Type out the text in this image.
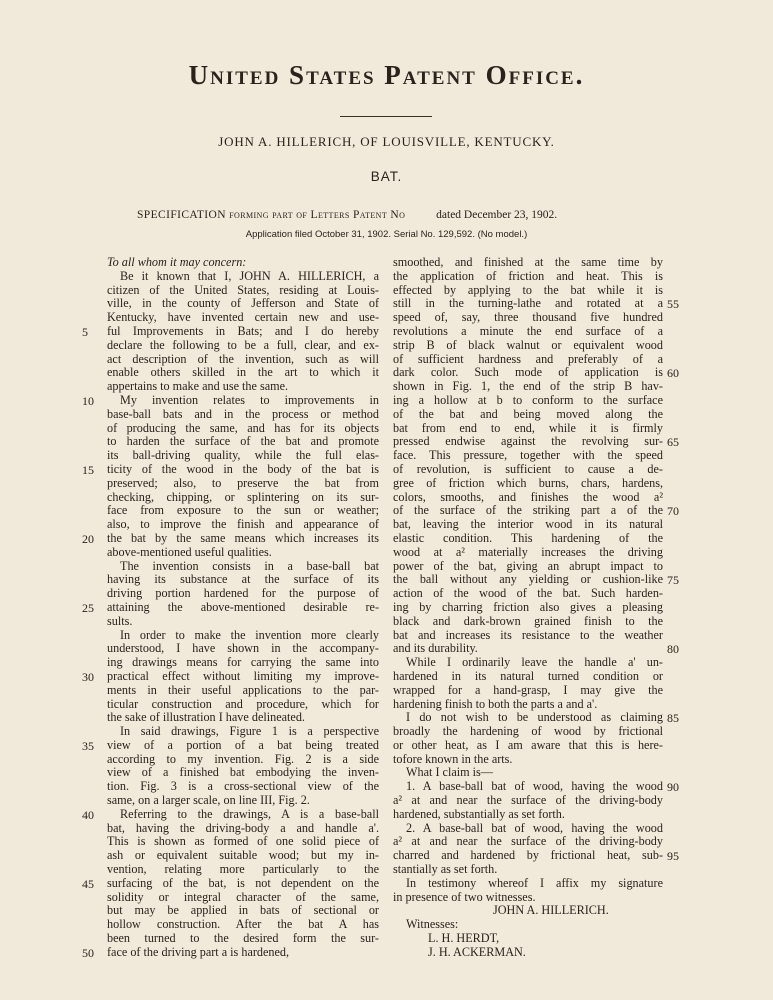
United States Patent Office.
JOHN A. HILLERICH, OF LOUISVILLE, KENTUCKY.
BAT.
SPECIFICATION forming part of Letters Patent No	dated December 23, 1902.
Application filed October 31, 1902. Serial No. 129,592. (No model.)
To all whom it may concern:
Be it known that I, JOHN A. HILLERICH, a
citizen of the United States, residing at Louis-
ville, in the county of Jefferson and State of
Kentucky, have invented certain new and use-
ful Improvements in Bats; and I do hereby
declare the following to be a full, clear, and ex-
act description of the invention, such as will
enable others skilled in the art to which it
appertains to make and use the same.
My invention relates to improvements in
base-ball bats and in the process or method
of producing the same, and has for its objects
to harden the surface of the bat and promote
its ball-driving quality, while the full elas-
ticity of the wood in the body of the bat is
preserved; also, to preserve the bat from
checking, chipping, or splintering on its sur-
face from exposure to the sun or weather;
also, to improve the finish and appearance of
the bat by the same means which increases its
above-mentioned useful qualities.
The invention consists in a base-ball bat
having its substance at the surface of its
driving portion hardened for the purpose of
attaining the above-mentioned desirable re-
sults.
In order to make the invention more clearly
understood, I have shown in the accompany-
ing drawings means for carrying the same into
practical effect without limiting my improve-
ments in their useful applications to the par-
ticular construction and procedure, which for
the sake of illustration I have delineated.
In said drawings, Figure 1 is a perspective
view of a portion of a bat being treated
according to my invention. Fig. 2 is a side
view of a finished bat embodying the inven-
tion. Fig. 3 is a cross-sectional view of the
same, on a larger scale, on line III, Fig. 2.
Referring to the drawings, A is a base-ball
bat, having the driving-body a and handle a'.
This is shown as formed of one solid piece of
ash or equivalent suitable wood; but my in-
vention, relating more particularly to the
surfacing of the bat, is not dependent on the
solidity or integral character of the same,
but may be applied in bats of sectional or
hollow construction. After the bat A has
been turned to the desired form the sur-
face of the driving part a is hardened,
smoothed, and finished at the same time by
the application of friction and heat. This is
effected by applying to the bat while it is
still in the turning-lathe and rotated at a
speed of, say, three thousand five hundred
revolutions a minute the end surface of a
strip B of black walnut or equivalent wood
of sufficient hardness and preferably of a
dark color. Such mode of application is
shown in Fig. 1, the end of the strip B hav-
ing a hollow at b to conform to the surface
of the bat and being moved along the
bat from end to end, while it is firmly
pressed endwise against the revolving sur-
face. This pressure, together with the speed
of revolution, is sufficient to cause a de-
gree of friction which burns, chars, hardens,
colors, smooths, and finishes the wood a²
of the surface of the striking part a of the
bat, leaving the interior wood in its natural
elastic condition. This hardening of the
wood at a² materially increases the driving
power of the bat, giving an abrupt impact to
the ball without any yielding or cushion-like
action of the wood of the bat. Such harden-
ing by charring friction also gives a pleasing
black and dark-brown grained finish to the
bat and increases its resistance to the weather
and its durability.
While I ordinarily leave the handle a' un-
hardened in its natural turned condition or
wrapped for a hand-grasp, I may give the
hardening finish to both the parts a and a'.
I do not wish to be understood as claiming
broadly the hardening of wood by frictional
or other heat, as I am aware that this is here-
tofore known in the arts.
What I claim is—
1. A base-ball bat of wood, having the wood
a² at and near the surface of the driving-body
hardened, substantially as set forth.
2. A base-ball bat of wood, having the wood
a² at and near the surface of the driving-body
charred and hardened by frictional heat, sub-
stantially as set forth.
In testimony whereof I affix my signature
in presence of two witnesses.
JOHN A. HILLERICH.
Witnesses:
L. H. HERDT,
J. H. ACKERMAN.
5
10
15
20
25
30
35
40
45
50
55
60
65
70
75
80
85
90
95
